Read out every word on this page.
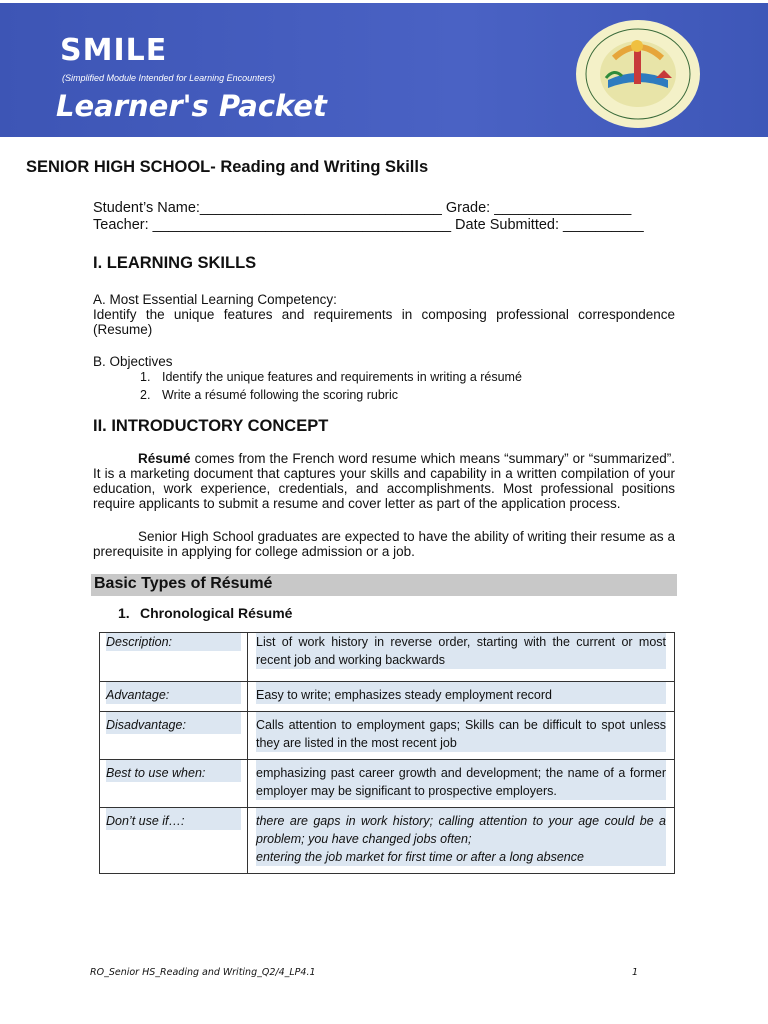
SMILE
(Simplified Module Intended for Learning Encounters)
Learner's Packet
SENIOR HIGH SCHOOL- Reading and Writing Skills
Student’s Name:______________________________ Grade: _________________
Teacher: _____________________________________ Date Submitted: __________
I. LEARNING SKILLS
A. Most Essential Learning Competency:
Identify the unique features and requirements in composing professional correspondence (Resume)
B. Objectives
1. Identify the unique features and requirements in writing a résumé
2. Write a résumé following the scoring rubric
II. INTRODUCTORY CONCEPT
Résumé comes from the French word resume which means “summary” or “summarized”. It is a marketing document that captures your skills and capability in a written compilation of your education, work experience, credentials, and accomplishments. Most professional positions require applicants to submit a resume and cover letter as part of the application process.
Senior High School graduates are expected to have the ability of writing their resume as a prerequisite in applying for college admission or a job.
Basic Types of Résumé
1. Chronological Résumé
Description:	List of work history in reverse order, starting with the current or most recent job and working backwards

Advantage:	Easy to write; emphasizes steady employment record

Disadvantage:	Calls attention to employment gaps; Skills can be difficult to spot unless they are listed in the most recent job

Best to use when:	emphasizing past career growth and development; the name of a former employer may be significant to prospective employers.

Don’t use if…:	there are gaps in work history; calling attention to your age could be a problem; you have changed jobs often;
entering the job market for first time or after a long absence
RO_Senior HS_Reading and Writing_Q2/4_LP4.1	1
